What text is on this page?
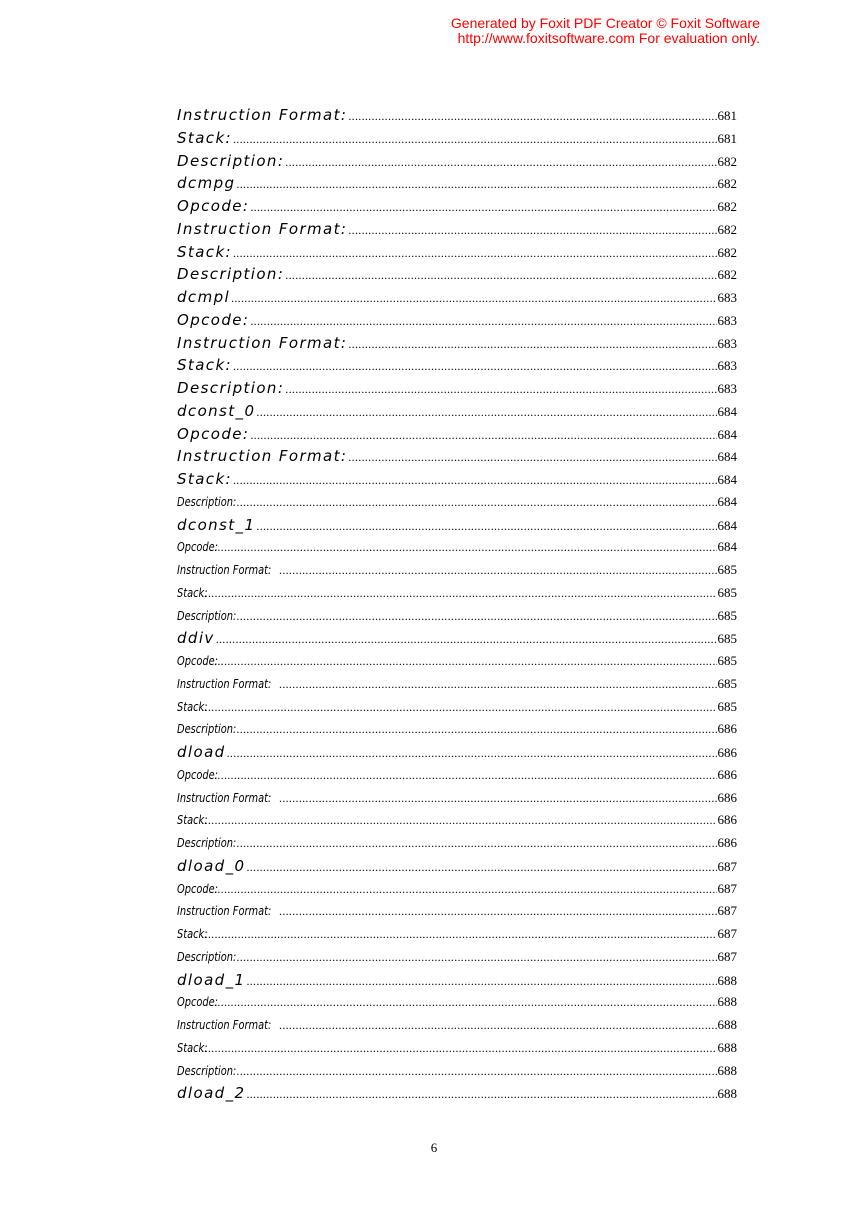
Generated by Foxit PDF Creator © Foxit Software
http://www.foxitsoftware.com For evaluation only.
Instruction Format: .....	681
Stack: .....	681
Description: .....	682
dcmpg .....	682
Opcode: .....	682
Instruction Format: .....	682
Stack: .....	682
Description: .....	682
dcmpl .....	683
Opcode: .....	683
Instruction Format: .....	683
Stack: .....	683
Description: .....	683
dconst_0 .....	684
Opcode: .....	684
Instruction Format: .....	684
Stack: .....	684
Description: .....	684
dconst_1 .....	684
Opcode: .....	684
Instruction Format: .....	685
Stack: .....	685
Description: .....	685
ddiv .....	685
Opcode: .....	685
Instruction Format: .....	685
Stack: .....	685
Description: .....	686
dload .....	686
Opcode: .....	686
Instruction Format: .....	686
Stack: .....	686
Description: .....	686
dload_0 .....	687
Opcode: .....	687
Instruction Format: .....	687
Stack: .....	687
Description: .....	687
dload_1 .....	688
Opcode: .....	688
Instruction Format: .....	688
Stack: .....	688
Description: .....	688
dload_2 .....	688
6
